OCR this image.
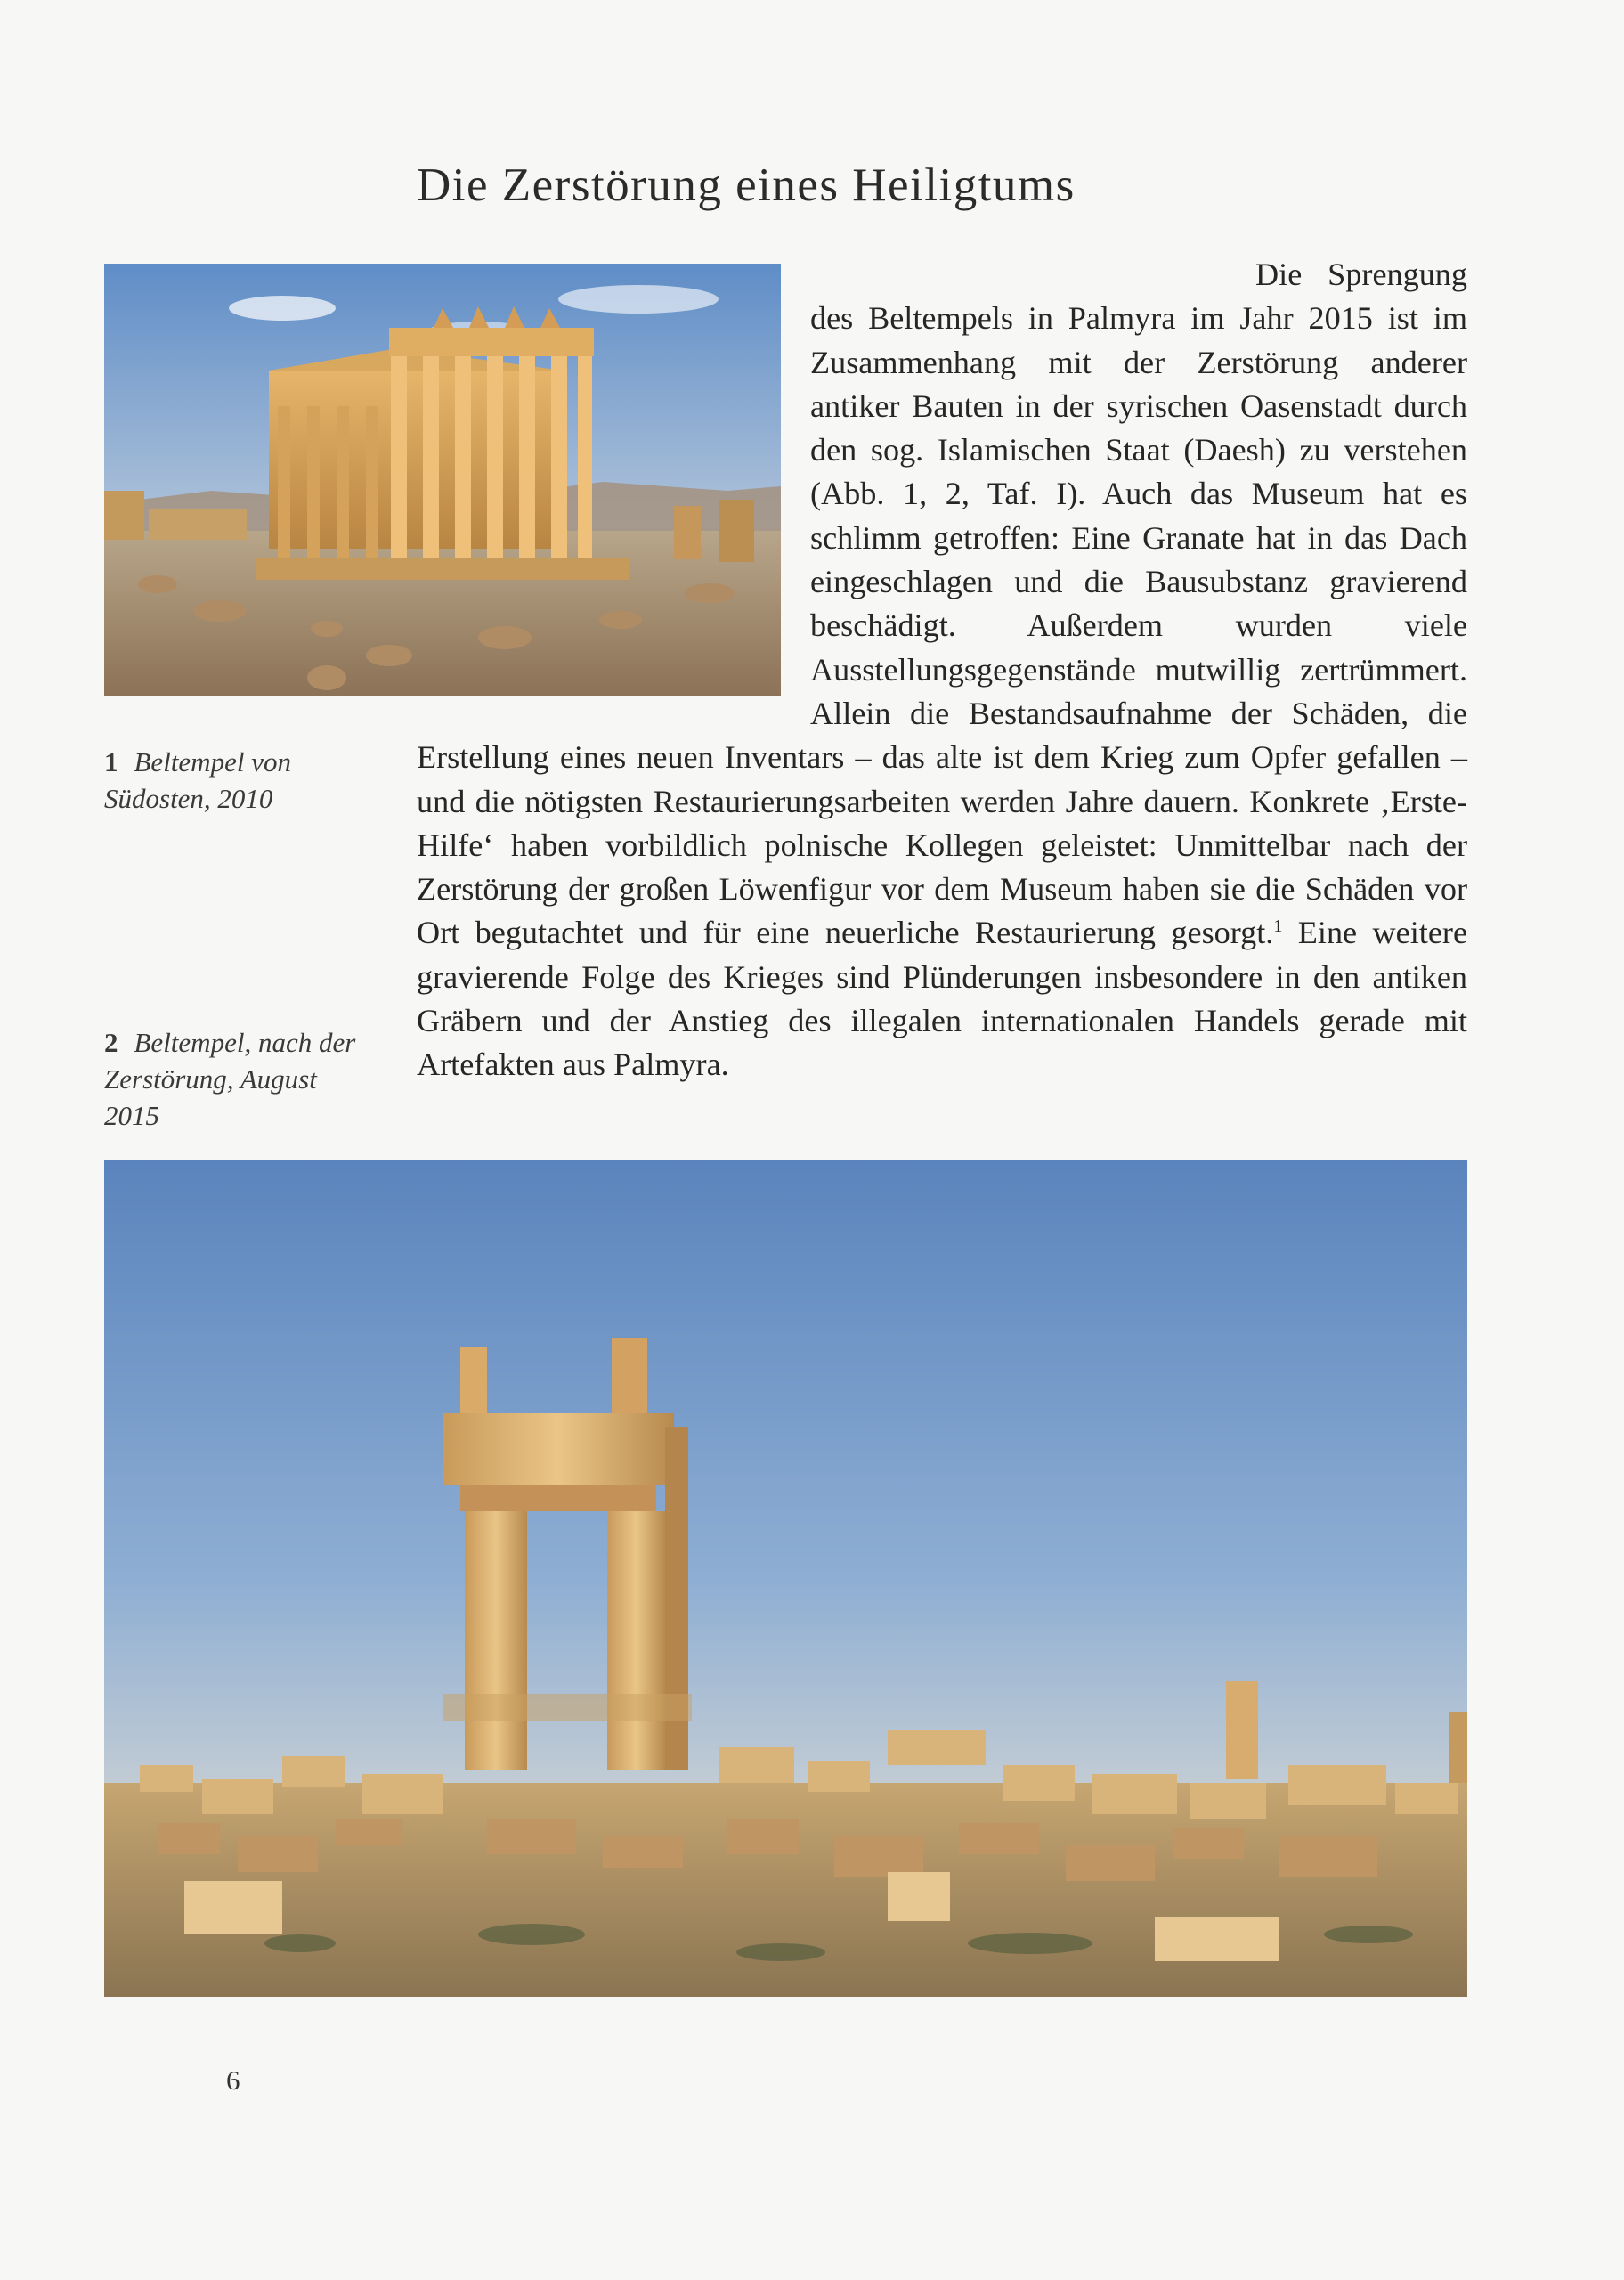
Die Zerstörung eines Heiligtums

Die Sprengung des Beltempels in Palmyra im Jahr 2015 ist im Zusammenhang mit der Zerstörung anderer antiker Bauten in der syrischen Oasenstadt durch den sog. Islamischen Staat (Daesh) zu verstehen (Abb. 1, 2, Taf. I). Auch das Museum hat es schlimm getroffen: Eine Granate hat in das Dach eingeschlagen und die Bausubstanz gravierend beschädigt. Außerdem wurden viele Ausstellungsgegenstände mutwillig zertrümmert. Allein die Bestandsaufnahme der Schäden, die Erstellung eines neuen Inventars – das alte ist dem Krieg zum Opfer gefallen – und die nötigsten Restaurierungsarbeiten werden Jahre dauern. Konkrete ‚Erste-Hilfe‘ haben vorbildlich polnische Kollegen geleistet: Unmittelbar nach der Zerstörung der großen Löwenfigur vor dem Museum haben sie die Schäden vor Ort begutachtet und für eine neuerliche Restaurierung gesorgt.$^1$ Eine weitere gravierende Folge des Krieges sind Plünderungen insbesondere in den antiken Gräbern und der Anstieg des illegalen internationalen Handels gerade mit Artefakten aus Palmyra.

1 Beltempel von Südosten, 2010
2 Beltempel, nach der Zerstörung, August 2015
6
